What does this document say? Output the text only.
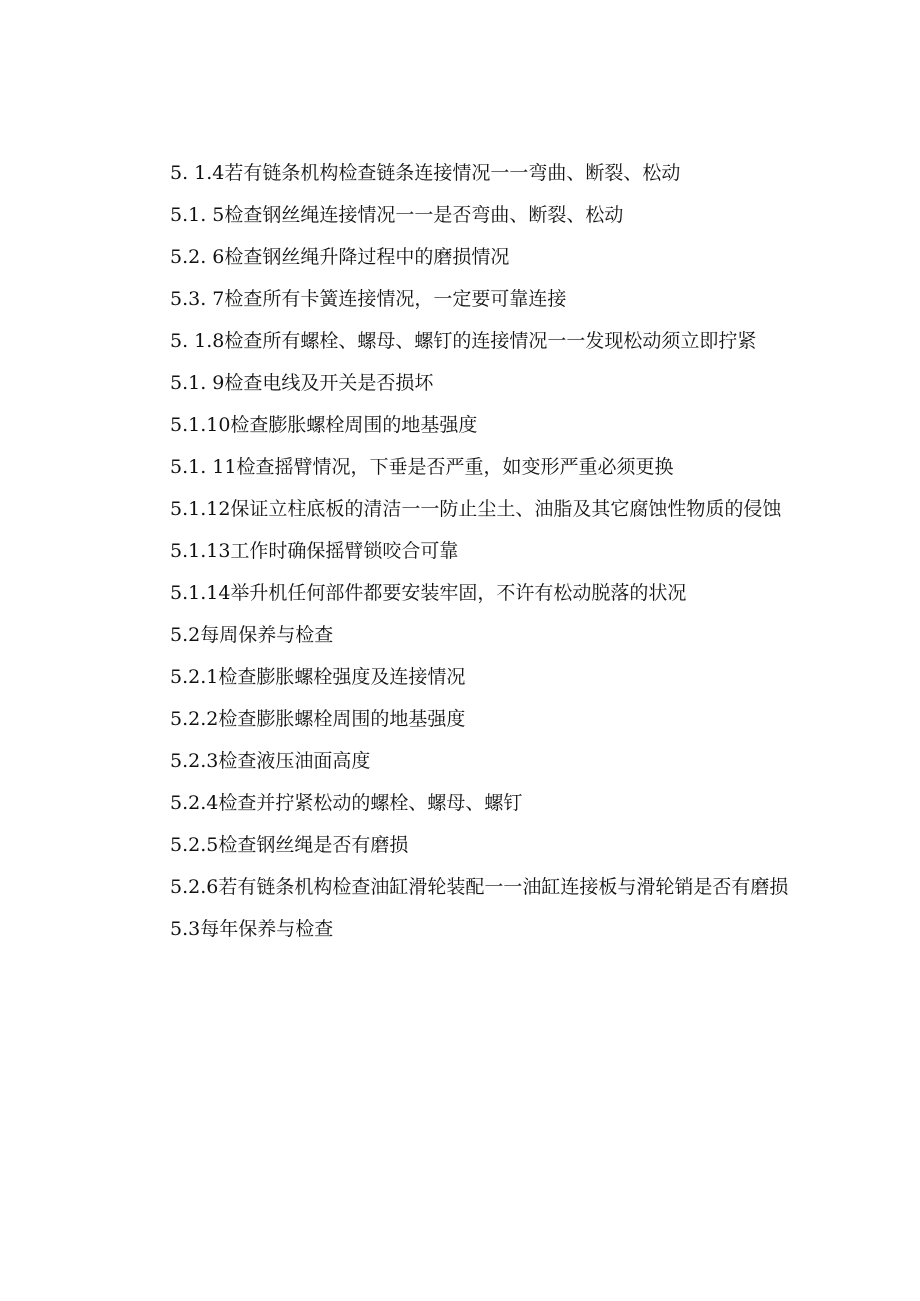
5. 1.4若有链条机构检查链条连接情况一一弯曲、断裂、松动

5.1. 5检查钢丝绳连接情况一一是否弯曲、断裂、松动

5.2. 6检查钢丝绳升降过程中的磨损情况

5.3. 7检查所有卡簧连接情况，一定要可靠连接

5. 1.8检查所有螺栓、螺母、螺钉的连接情况一一发现松动须立即拧紧

5.1. 9检查电线及开关是否损坏

5.1.10检查膨胀螺栓周围的地基强度

5.1. 11检查摇臂情况，下垂是否严重，如变形严重必须更换

5.1.12保证立柱底板的清洁一一防止尘土、油脂及其它腐蚀性物质的侵蚀

5.1.13工作时确保摇臂锁咬合可靠

5.1.14举升机任何部件都要安装牢固，不许有松动脱落的状况

5.2每周保养与检查

5.2.1检查膨胀螺栓强度及连接情况

5.2.2检查膨胀螺栓周围的地基强度

5.2.3检查液压油面高度

5.2.4检查并拧紧松动的螺栓、螺母、螺钉

5.2.5检查钢丝绳是否有磨损

5.2.6若有链条机构检查油缸滑轮装配一一油缸连接板与滑轮销是否有磨损

5.3每年保养与检查
